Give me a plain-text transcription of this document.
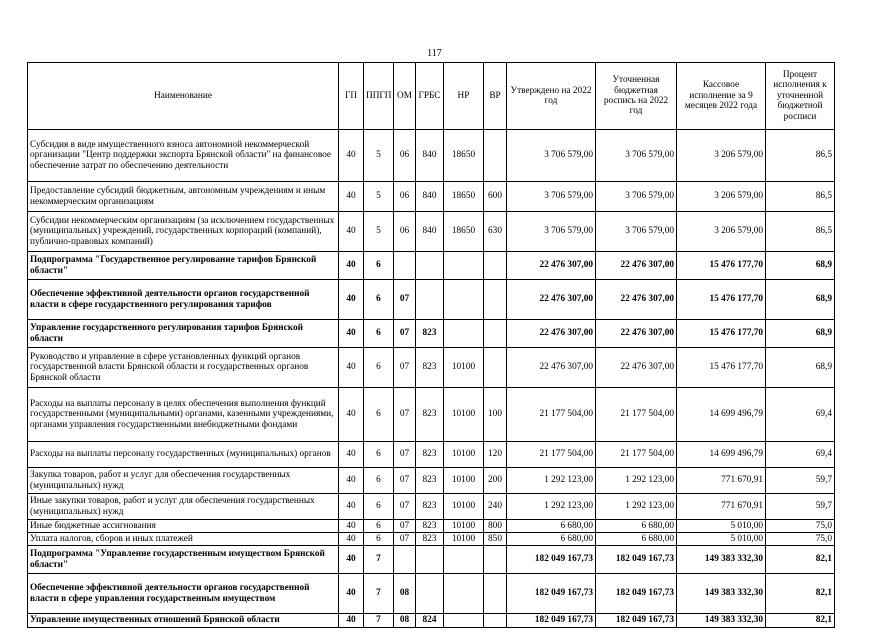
117
Наименование	ГП	ППГП	ОМ	ГРБС	НР	ВР	Утверждено на 2022 год	Уточненная бюджетная роспись на 2022 год	Кассовое исполнение за 9 месяцев 2022 года	Процент исполнения к уточненной бюджетной росписи
Субсидия в виде имущественного взноса автономной некоммерческой организации "Центр поддержки экспорта Брянской области" на финансовое обеспечение затрат по обеспечению деятельности	40	5	06	840	18650		3 706 579,00	3 706 579,00	3 206 579,00	86,5
Предоставление субсидий бюджетным, автономным учреждениям и иным некоммерческим организациям	40	5	06	840	18650	600	3 706 579,00	3 706 579,00	3 206 579,00	86,5
Субсидии некоммерческим организациям (за исключением государственных (муниципальных) учреждений, государственных корпораций (компаний), публично-правовых компаний)	40	5	06	840	18650	630	3 706 579,00	3 706 579,00	3 206 579,00	86,5
Подпрограмма "Государственное регулирование тарифов Брянской области"	40	6					22 476 307,00	22 476 307,00	15 476 177,70	68,9
Обеспечение эффективной деятельности органов государственной власти в сфере государственного регулирования тарифов	40	6	07				22 476 307,00	22 476 307,00	15 476 177,70	68,9
Управление государственного регулирования тарифов Брянской области	40	6	07	823			22 476 307,00	22 476 307,00	15 476 177,70	68,9
Руководство и управление в сфере установленных функций органов государственной власти Брянской области и государственных органов Брянской области	40	6	07	823	10100		22 476 307,00	22 476 307,00	15 476 177,70	68,9
Расходы на выплаты персоналу в целях обеспечения выполнения функций государственными (муниципальными) органами, казенными учреждениями, органами управления государственными внебюджетными фондами	40	6	07	823	10100	100	21 177 504,00	21 177 504,00	14 699 496,79	69,4
Расходы на выплаты персоналу государственных (муниципальных) органов	40	6	07	823	10100	120	21 177 504,00	21 177 504,00	14 699 496,79	69,4
Закупка товаров, работ и услуг для обеспечения государственных (муниципальных) нужд	40	6	07	823	10100	200	1 292 123,00	1 292 123,00	771 670,91	59,7
Иные закупки товаров, работ и услуг для обеспечения государственных (муниципальных) нужд	40	6	07	823	10100	240	1 292 123,00	1 292 123,00	771 670,91	59,7
Иные бюджетные ассигнования	40	6	07	823	10100	800	6 680,00	6 680,00	5 010,00	75,0
Уплата налогов, сборов и иных платежей	40	6	07	823	10100	850	6 680,00	6 680,00	5 010,00	75,0
Подпрограмма "Управление государственным имуществом Брянской области"	40	7					182 049 167,73	182 049 167,73	149 383 332,30	82,1
Обеспечение эффективной деятельности органов государственной власти в сфере управления государственным имуществом	40	7	08				182 049 167,73	182 049 167,73	149 383 332,30	82,1
Управление имущественных отношений Брянской области	40	7	08	824			182 049 167,73	182 049 167,73	149 383 332,30	82,1
